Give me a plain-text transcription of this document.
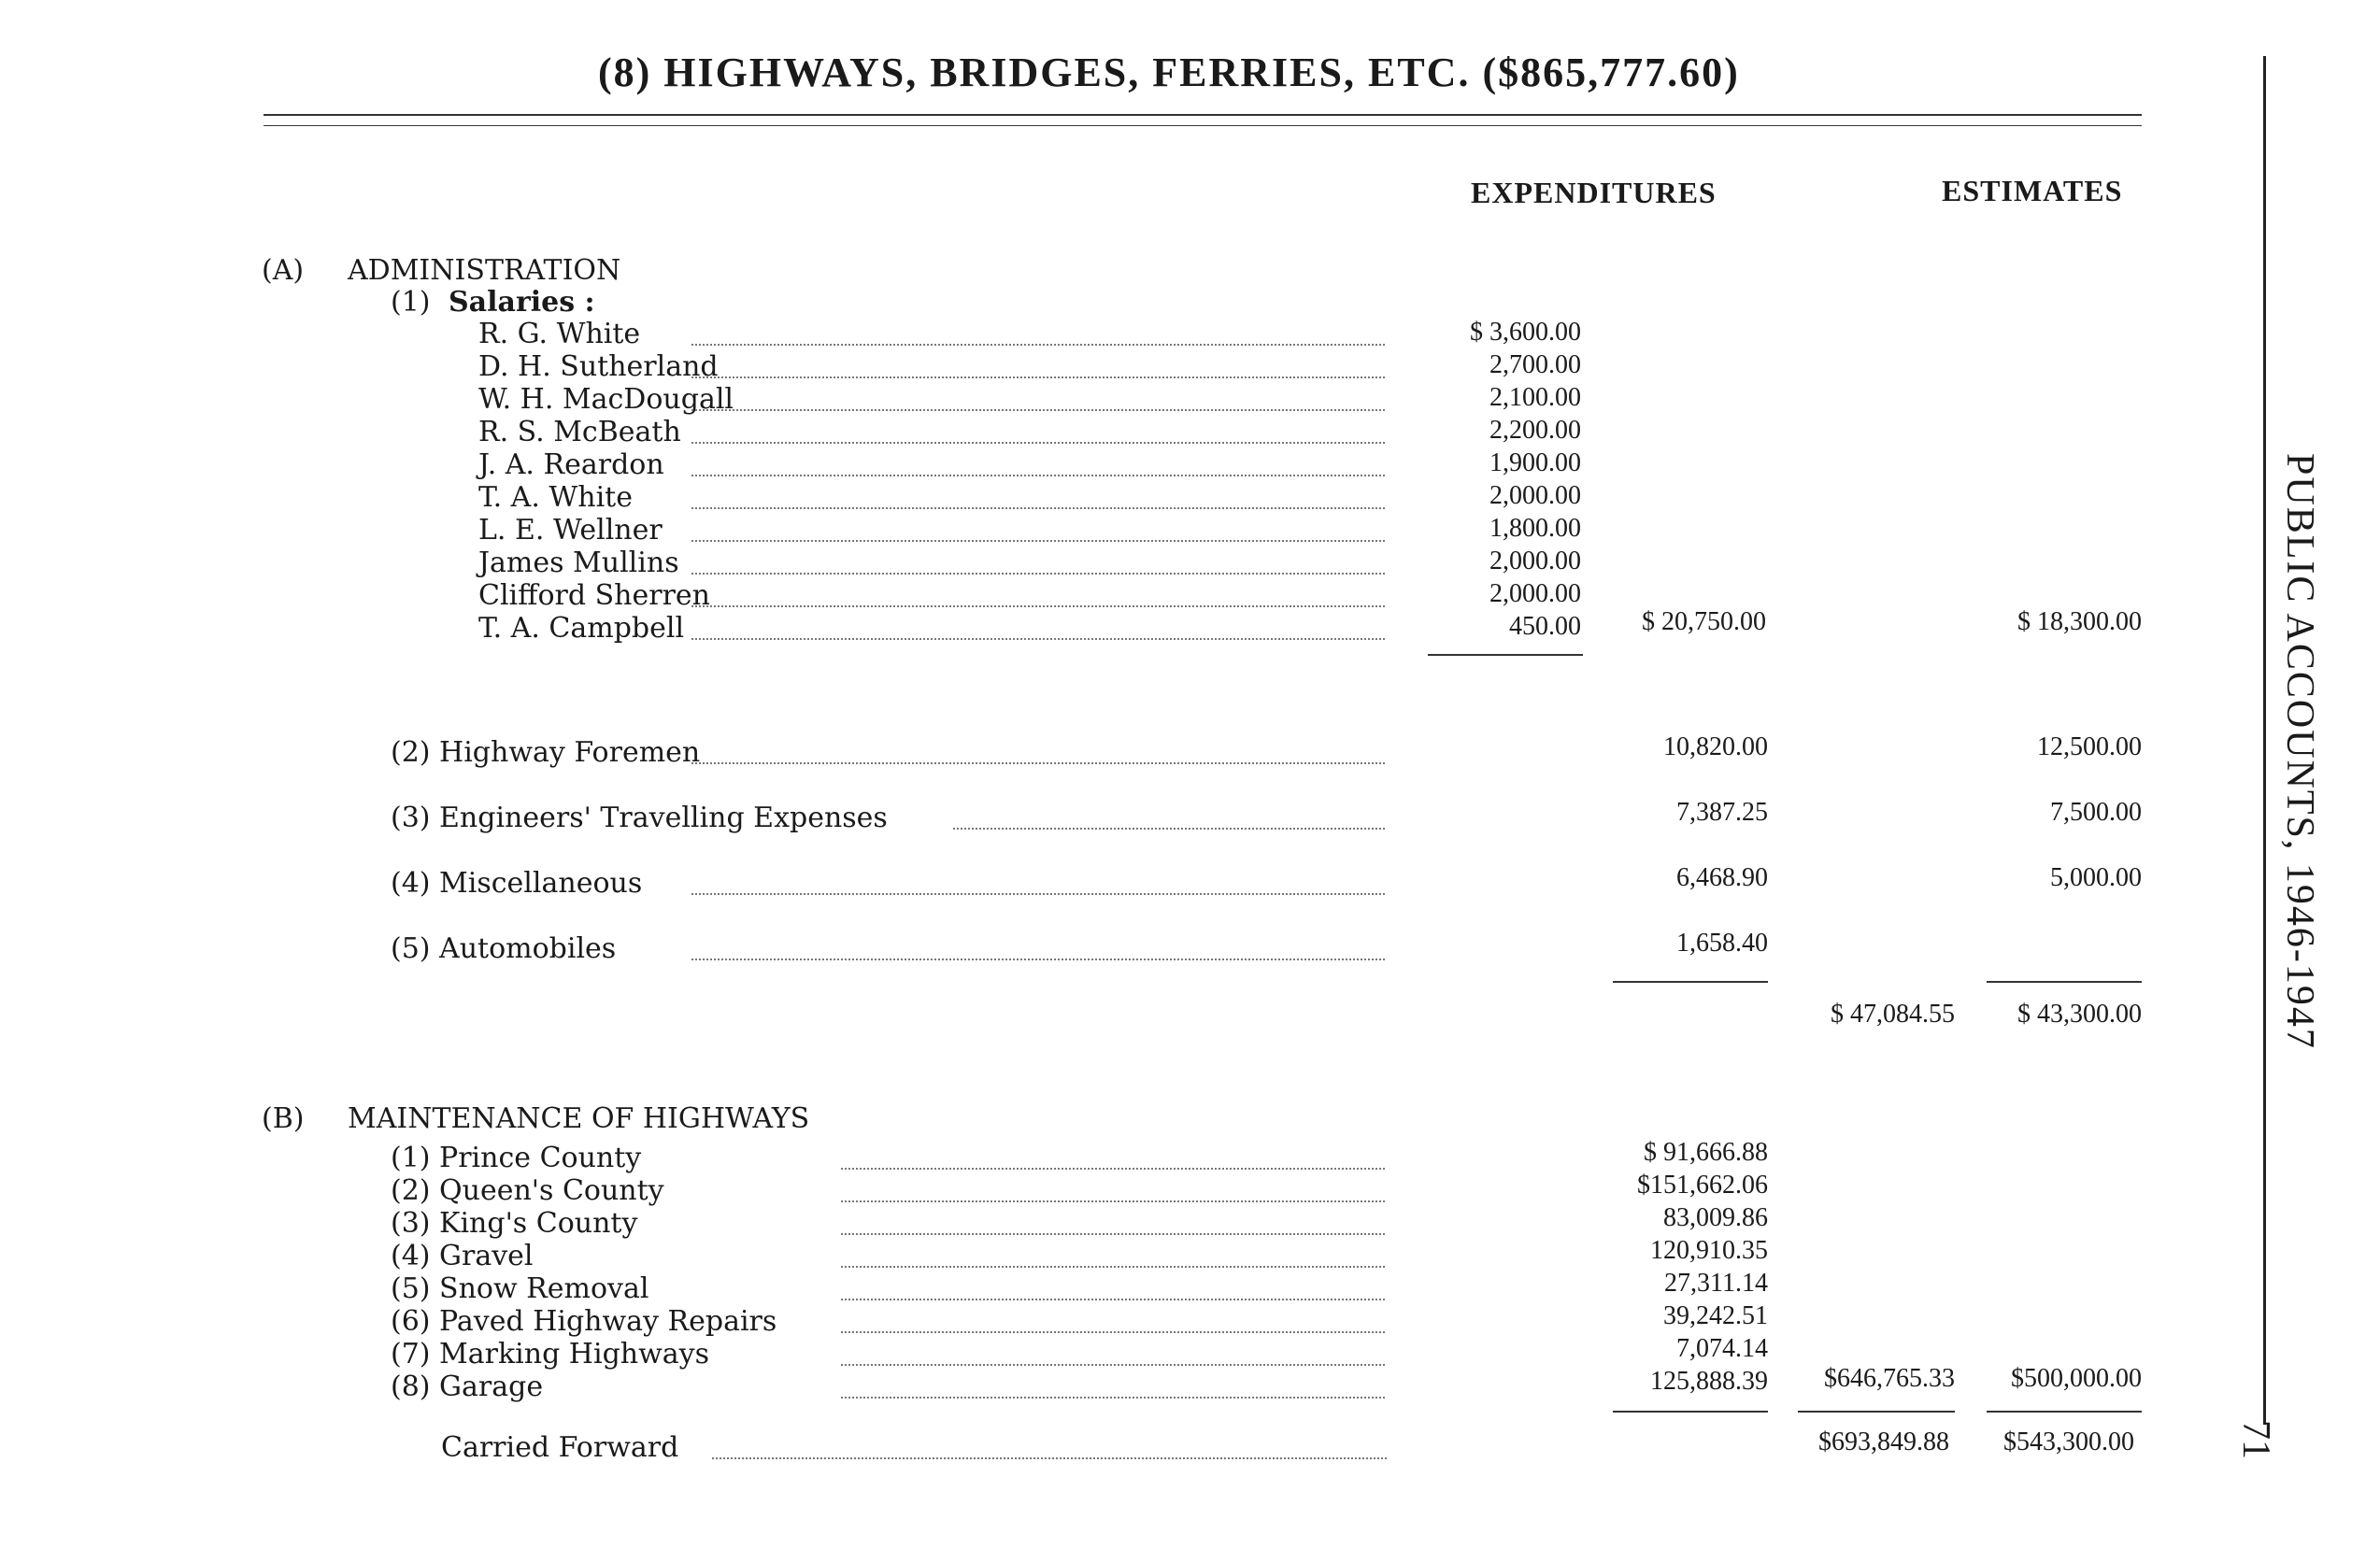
(8) HIGHWAYS, BRIDGES, FERRIES, ETC. ($865,777.60)
EXPENDITURES	ESTIMATES
(A) ADMINISTRATION
(1) Salaries :
R. G. White	$ 3,600.00
D. H. Sutherland	2,700.00
W. H. MacDougall	2,100.00
R. S. McBeath	2,200.00
J. A. Reardon	1,900.00
T. A. White	2,000.00
L. E. Wellner	1,800.00
James Mullins	2,000.00
Clifford Sherren	2,000.00
T. A. Campbell	450.00	$ 20,750.00	$ 18,300.00
(2) Highway Foremen	10,820.00	12,500.00
(3) Engineers' Travelling Expenses	7,387.25	7,500.00
(4) Miscellaneous	6,468.90	5,000.00
(5) Automobiles	1,658.40
$ 47,084.55	$ 43,300.00
(B) MAINTENANCE OF HIGHWAYS
(1) Prince County	$ 91,666.88
(2) Queen's County	$151,662.06
(3) King's County	83,009.86
(4) Gravel	120,910.35
(5) Snow Removal	27,311.14
(6) Paved Highway Repairs	39,242.51
(7) Marking Highways	7,074.14
(8) Garage	125,888.39	$646,765.33	$500,000.00
Carried Forward	$693,849.88	$543,300.00
PUBLIC ACCOUNTS, 1946-1947
71
